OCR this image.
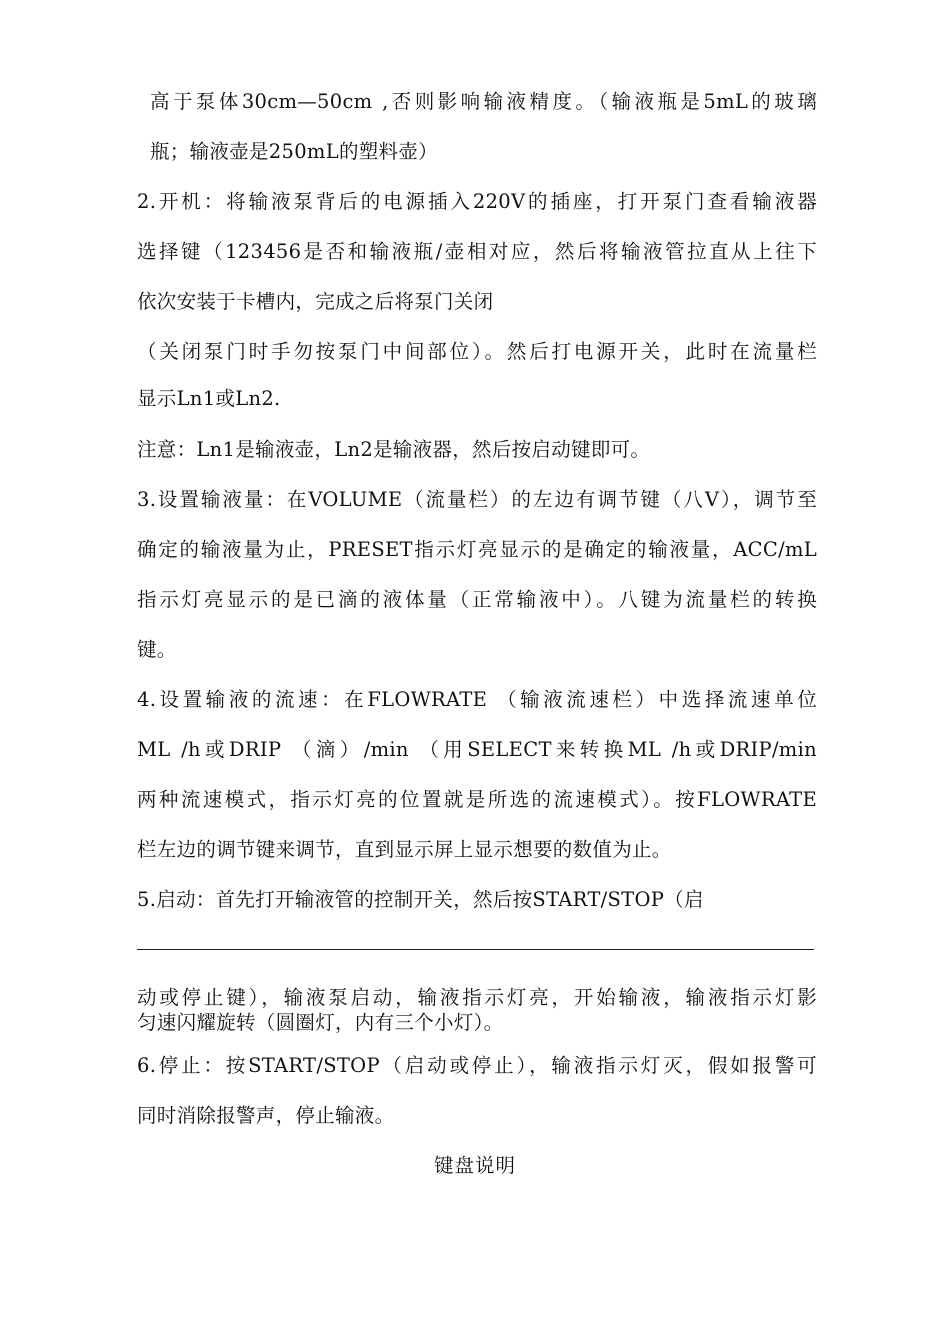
高于泵体30cm—50cm ,否则影响输液精度。（输液瓶是5mL的玻璃
瓶；输液壶是250mL的塑料壶）
2.开机：将输液泵背后的电源插入220V的插座，打开泵门查看输液器
选择键（123456是否和输液瓶/壶相对应，然后将输液管拉直从上往下
依次安装于卡槽内，完成之后将泵门关闭
（关闭泵门时手勿按泵门中间部位）。然后打电源开关，此时在流量栏
显示Ln1或Ln2.
注意：Ln1是输液壶，Ln2是输液器，然后按启动键即可。
3.设置输液量：在VOLUME（流量栏）的左边有调节键（八V），调节至
确定的输液量为止，PRESET指示灯亮显示的是确定的输液量，ACC/mL
指示灯亮显示的是已滴的液体量（正常输液中）。八键为流量栏的转换
键。
4.设置输液的流速：在FLOWRATE （输液流速栏）中选择流速单位
ML /h或DRIP （滴）/min （用SELECT来转换ML /h或DRIP/min
两种流速模式，指示灯亮的位置就是所选的流速模式）。按FLOWRATE
栏左边的调节键来调节，直到显示屏上显示想要的数值为止。
5.启动：首先打开输液管的控制开关，然后按START/STOP（启
动或停止键），输液泵启动，输液指示灯亮，开始输液，输液指示灯影
匀速闪耀旋转（圆圈灯，内有三个小灯）。
6.停止：按START/STOP（启动或停止），输液指示灯灭，假如报警可
同时消除报警声，停止输液。
键盘说明
